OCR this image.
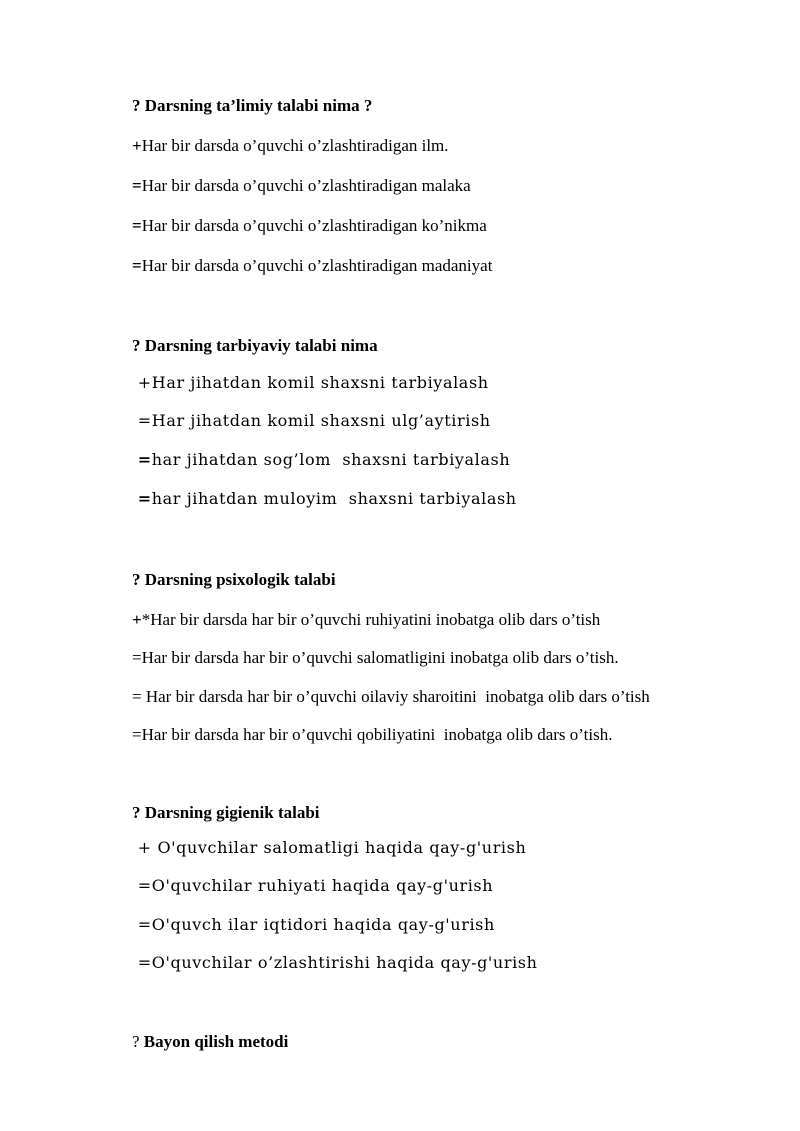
? Darsning ta’limiy talabi nima ?

+Har bir darsda o’quvchi o’zlashtiradigan ilm.

=Har bir darsda o’quvchi o’zlashtiradigan malaka

=Har bir darsda o’quvchi o’zlashtiradigan ko’nikma

=Har bir darsda o’quvchi o’zlashtiradigan madaniyat

? Darsning tarbiyaviy talabi nima

+Har jihatdan komil shaxsni tarbiyalash

=Har jihatdan komil shaxsni ulg’aytirish

=har jihatdan sog’lom  shaxsni tarbiyalash

=har jihatdan muloyim  shaxsni tarbiyalash

? Darsning psixologik talabi

+*Har bir darsda har bir o’quvchi ruhiyatini inobatga olib dars o’tish

=Har bir darsda har bir o’quvchi salomatligini inobatga olib dars o’tish.

= Har bir darsda har bir o’quvchi oilaviy sharoitini  inobatga olib dars o’tish

=Har bir darsda har bir o’quvchi qobiliyatini  inobatga olib dars o’tish.

? Darsning gigienik talabi

+ O'quvchilar salomatligi haqida qay-g'urish

=O'quvchilar ruhiyati haqida qay-g'urish

=O'quvch ilar iqtidori haqida qay-g'urish

=O'quvchilar o’zlashtirishi haqida qay-g'urish

? Bayon qilish metodi
